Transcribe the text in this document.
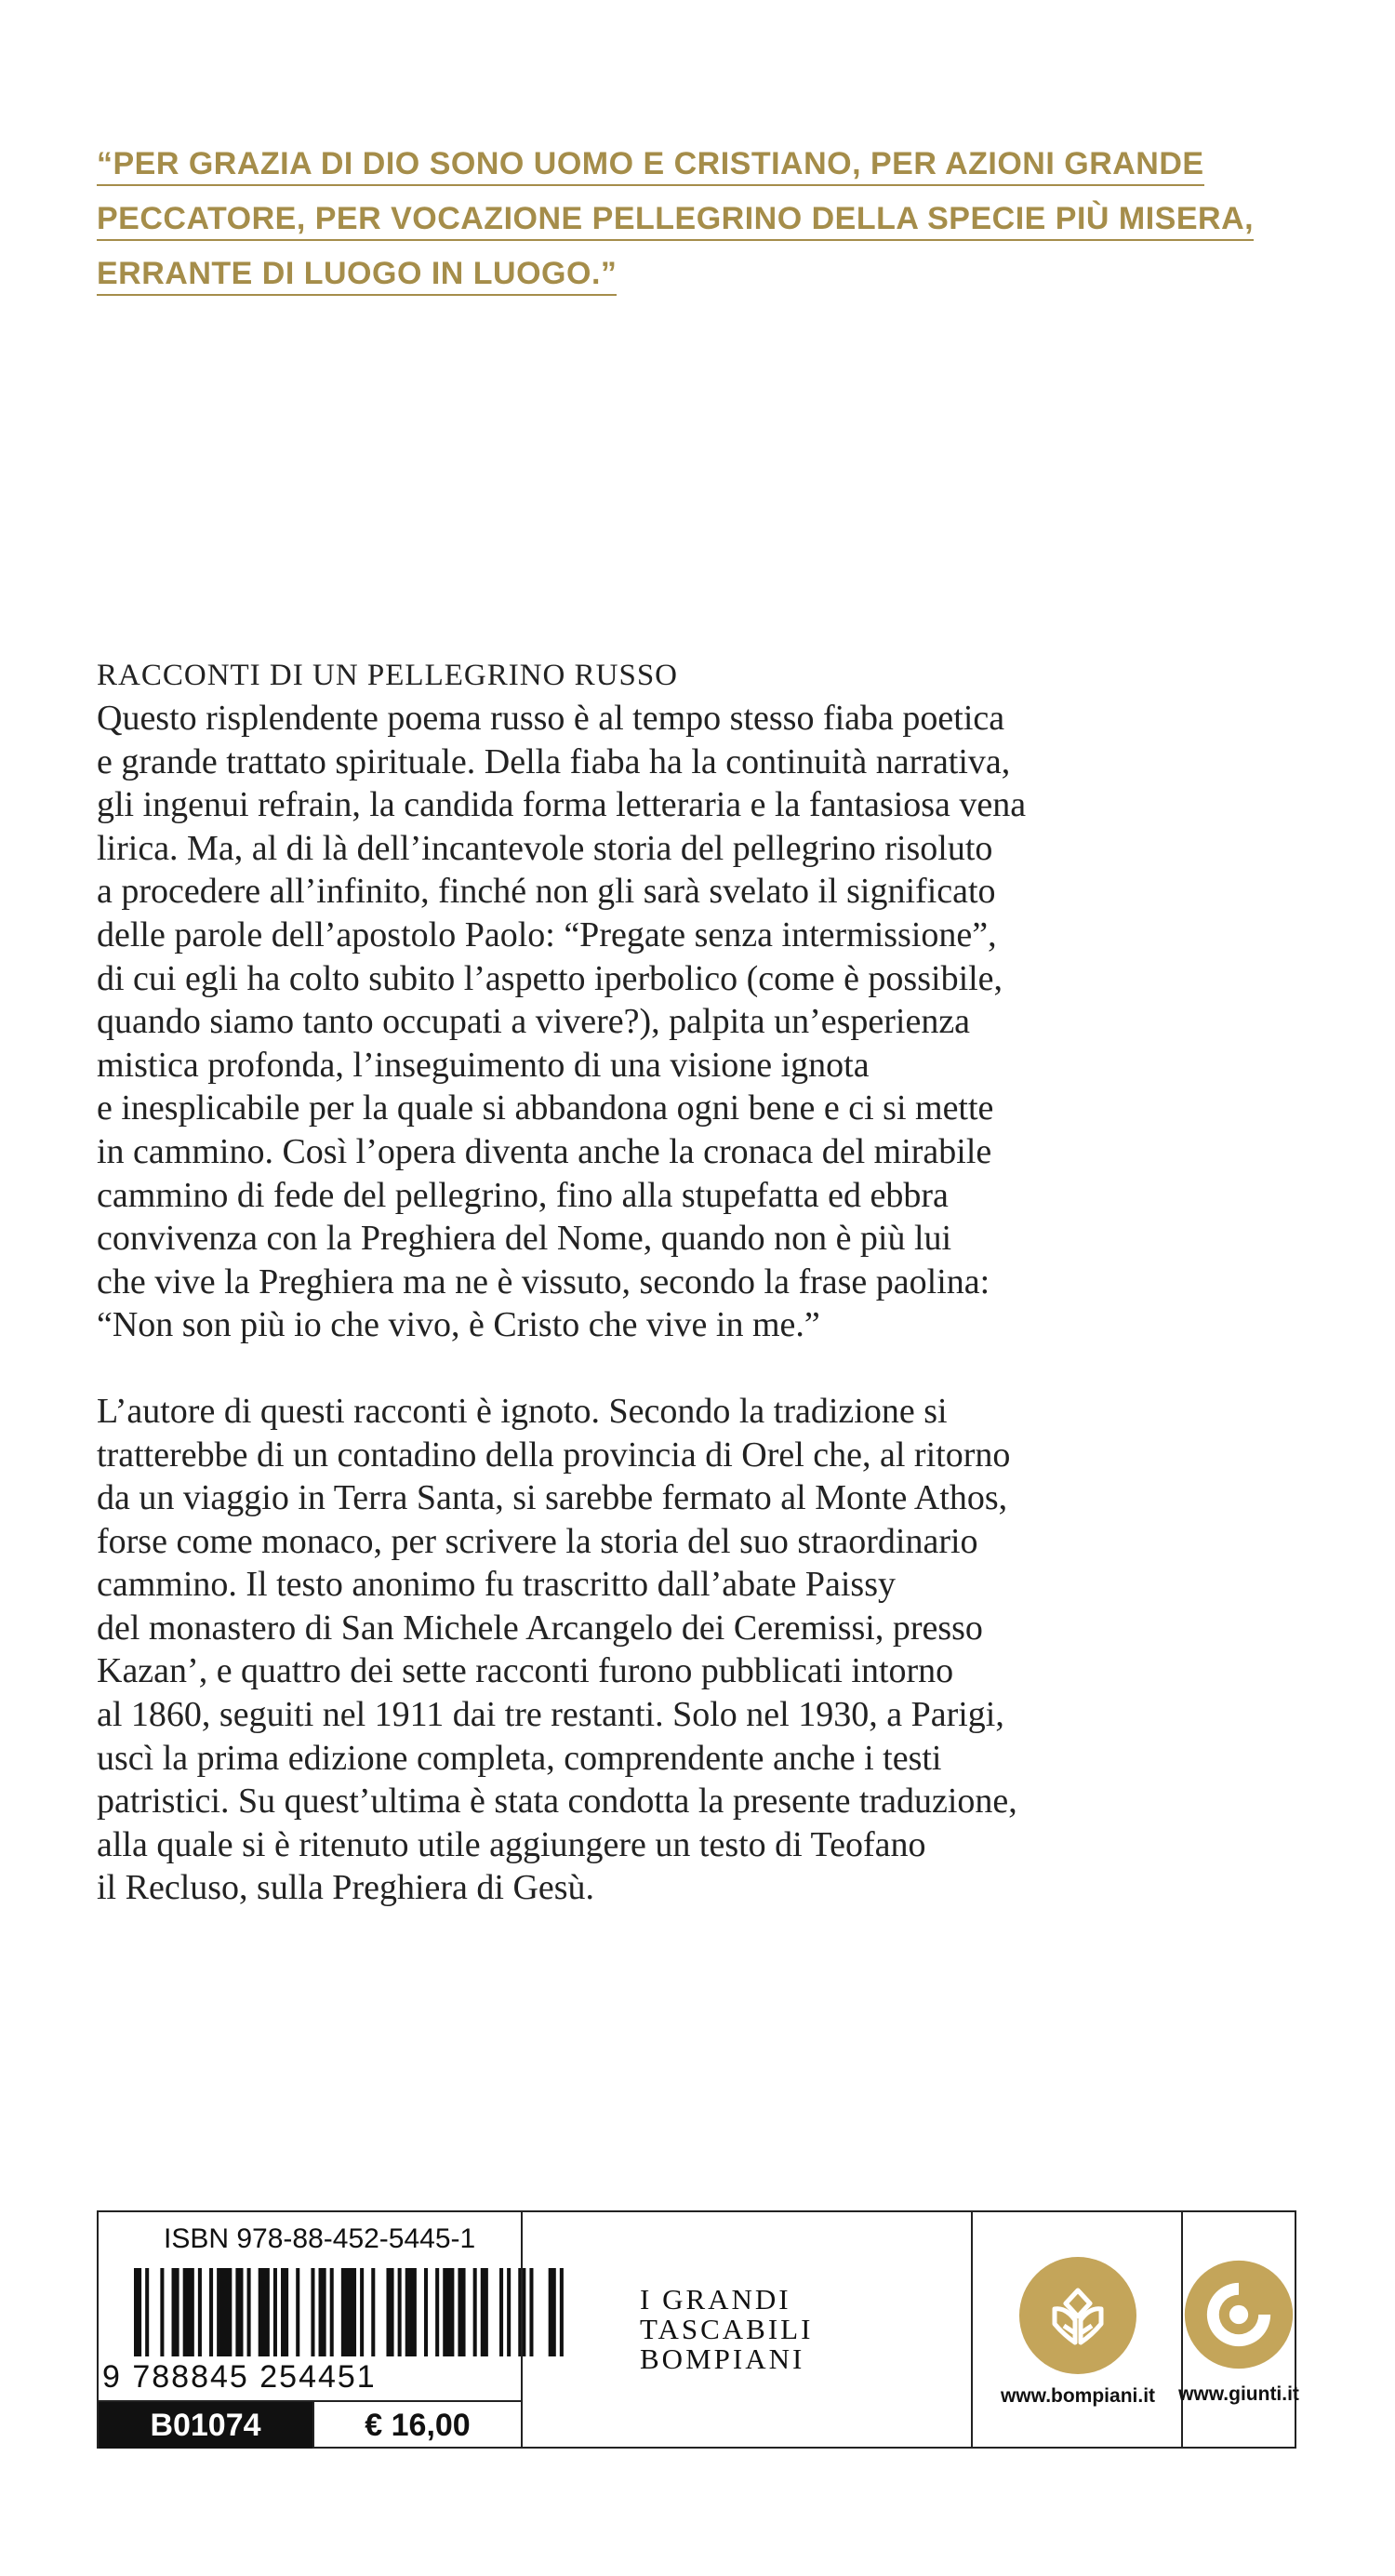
“PER GRAZIA DI DIO SONO UOMO E CRISTIANO, PER AZIONI GRANDE
PECCATORE, PER VOCAZIONE PELLEGRINO DELLA SPECIE PIÙ MISERA,
ERRANTE DI LUOGO IN LUOGO.”
RACCONTI DI UN PELLEGRINO RUSSO
Questo risplendente poema russo è al tempo stesso fiaba poetica
e grande trattato spirituale. Della fiaba ha la continuità narrativa,
gli ingenui refrain, la candida forma letteraria e la fantasiosa vena
lirica. Ma, al di là dell’incantevole storia del pellegrino risoluto
a procedere all’infinito, finché non gli sarà svelato il significato
delle parole dell’apostolo Paolo: “Pregate senza intermissione”,
di cui egli ha colto subito l’aspetto iperbolico (come è possibile,
quando siamo tanto occupati a vivere?), palpita un’esperienza
mistica profonda, l’inseguimento di una visione ignota
e inesplicabile per la quale si abbandona ogni bene e ci si mette
in cammino. Così l’opera diventa anche la cronaca del mirabile
cammino di fede del pellegrino, fino alla stupefatta ed ebbra
convivenza con la Preghiera del Nome, quando non è più lui
che vive la Preghiera ma ne è vissuto, secondo la frase paolina:
“Non son più io che vivo, è Cristo che vive in me.”
L’autore di questi racconti è ignoto. Secondo la tradizione si
tratterebbe di un contadino della provincia di Orel che, al ritorno
da un viaggio in Terra Santa, si sarebbe fermato al Monte Athos,
forse come monaco, per scrivere la storia del suo straordinario
cammino. Il testo anonimo fu trascritto dall’abate Paissy
del monastero di San Michele Arcangelo dei Ceremissi, presso
Kazan’, e quattro dei sette racconti furono pubblicati intorno
al 1860, seguiti nel 1911 dai tre restanti. Solo nel 1930, a Parigi,
uscì la prima edizione completa, comprendente anche i testi
patristici. Su quest’ultima è stata condotta la presente traduzione,
alla quale si è ritenuto utile aggiungere un testo di Teofano
il Recluso, sulla Preghiera di Gesù.
ISBN 978-88-452-5445-1
9 788845 254451
B01074	€ 16,00
I GRANDI
TASCABILI
BOMPIANI
www.bompiani.it www.giunti.it
